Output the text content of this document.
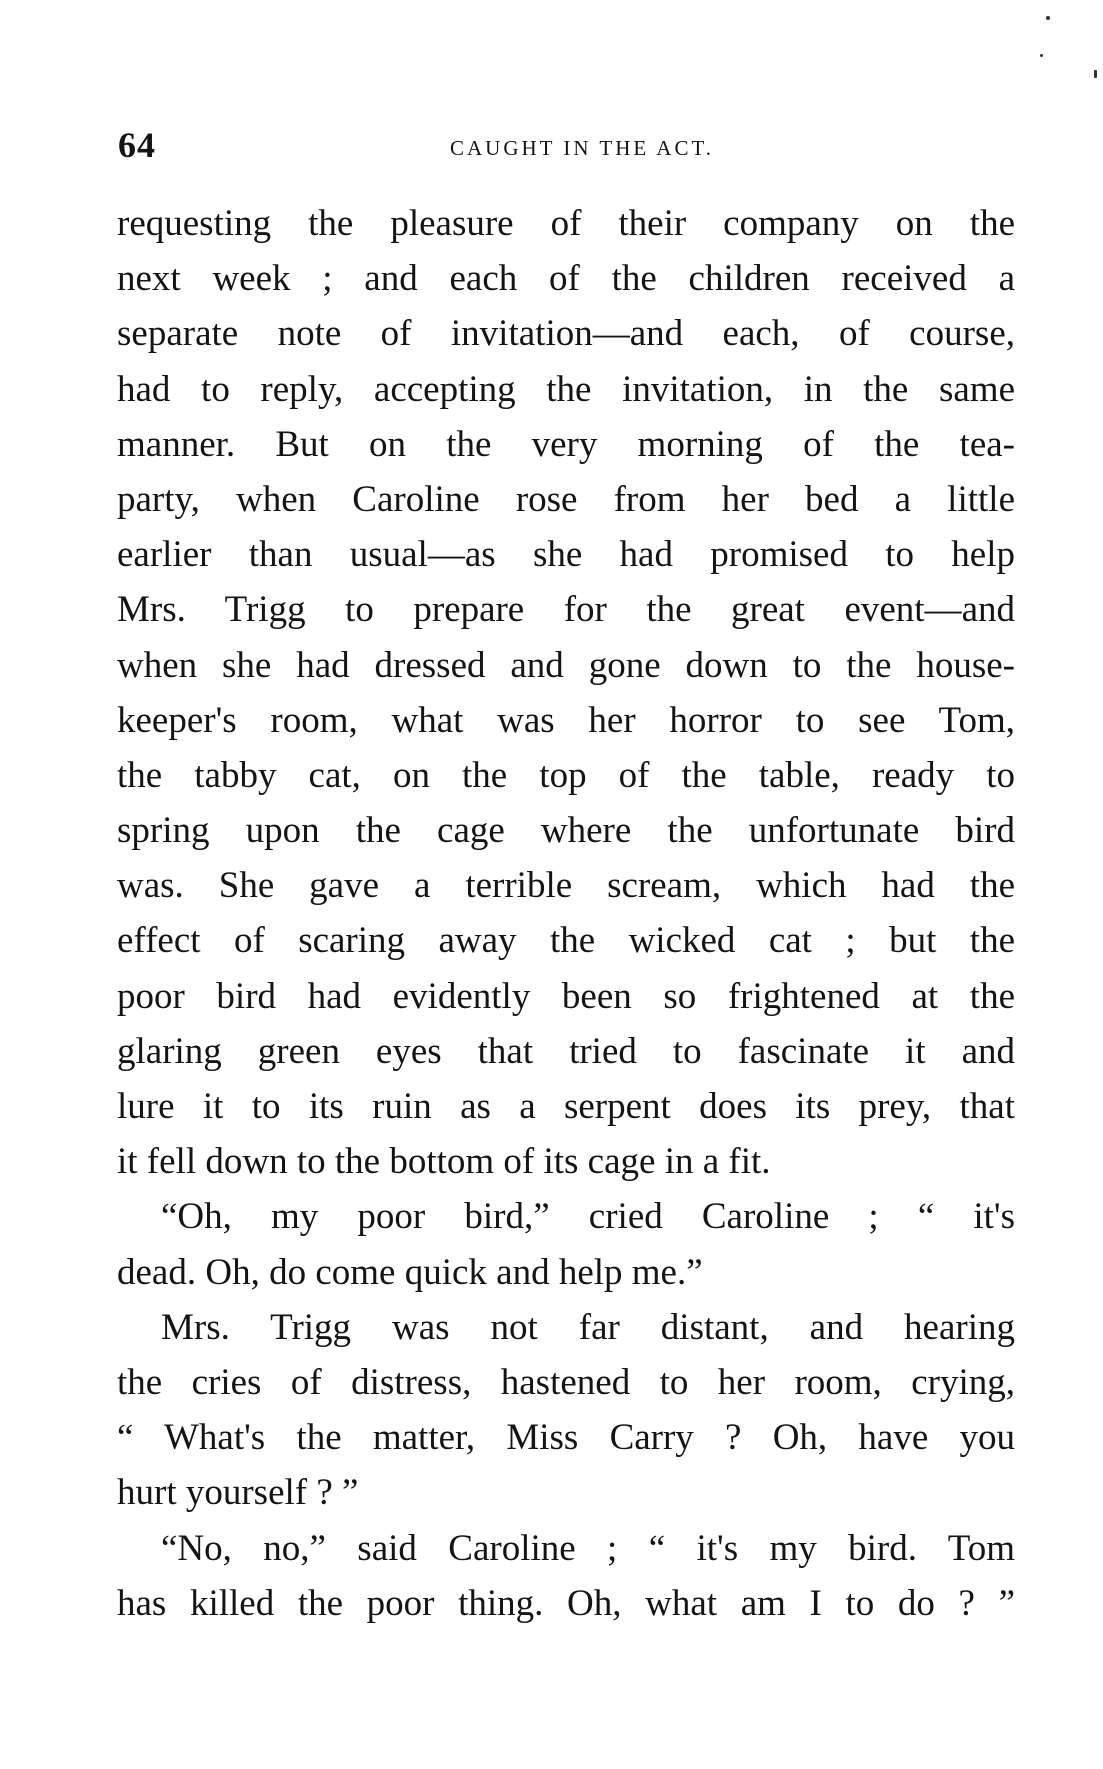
64	CAUGHT IN THE ACT.
requesting the pleasure of their company on the
next week ; and each of the children received a
separate note of invitation—and each, of course,
had to reply, accepting the invitation, in the same
manner. But on the very morning of the tea-
party, when Caroline rose from her bed a little
earlier than usual—as she had promised to help
Mrs. Trigg to prepare for the great event—and
when she had dressed and gone down to the house-
keeper's room, what was her horror to see Tom,
the tabby cat, on the top of the table, ready to
spring upon the cage where the unfortunate bird
was. She gave a terrible scream, which had the
effect of scaring away the wicked cat ; but the
poor bird had evidently been so frightened at the
glaring green eyes that tried to fascinate it and
lure it to its ruin as a serpent does its prey, that
it fell down to the bottom of its cage in a fit.
“Oh, my poor bird,” cried Caroline ; “ it's
dead. Oh, do come quick and help me.”
Mrs. Trigg was not far distant, and hearing
the cries of distress, hastened to her room, crying,
“ What's the matter, Miss Carry ? Oh, have you
hurt yourself ? ”
“No, no,” said Caroline ; “ it's my bird. Tom
has killed the poor thing. Oh, what am I to do ? ”
